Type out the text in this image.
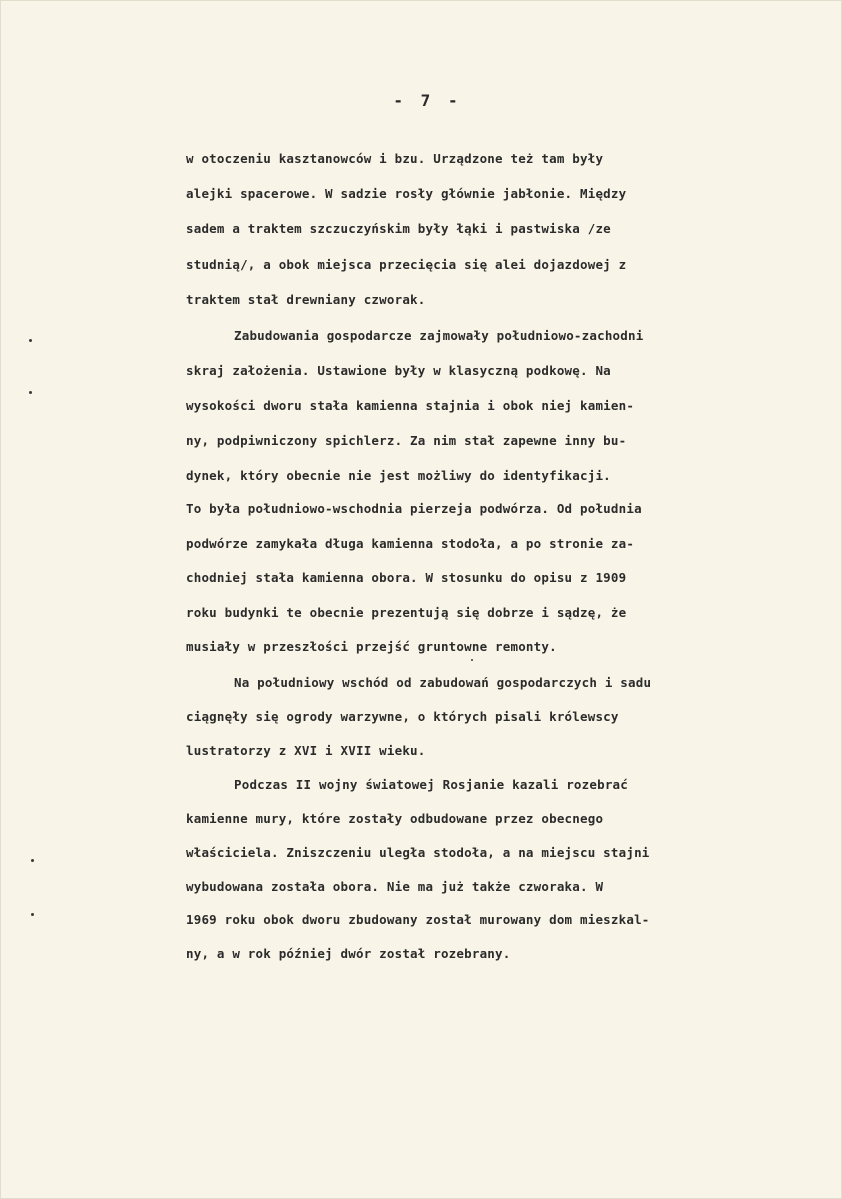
- 7 -
w otoczeniu kasztanowców i bzu. Urządzone też tam były
alejki spacerowe. W sadzie rosły głównie jabłonie. Między
sadem a traktem szczuczyńskim były łąki i pastwiska /ze
studnią/, a obok miejsca przecięcia się alei dojazdowej z
traktem stał drewniany czworak.
Zabudowania gospodarcze zajmowały południowo-zachodni
skraj założenia. Ustawione były w klasyczną podkowę. Na
wysokości dworu stała kamienna stajnia i obok niej kamien-
ny, podpiwniczony spichlerz. Za nim stał zapewne inny bu-
dynek, który obecnie nie jest możliwy do identyfikacji.
To była południowo-wschodnia pierzeja podwórza. Od południa
podwórze zamykała długa kamienna stodoła, a po stronie za-
chodniej stała kamienna obora. W stosunku do opisu z 1909
roku budynki te obecnie prezentują się dobrze i sądzę, że
musiały w przeszłości przejść gruntowne remonty.
Na południowy wschód od zabudowań gospodarczych i sadu
ciągnęły się ogrody warzywne, o których pisali królewscy
lustratorzy z XVI i XVII wieku.
Podczas II wojny światowej Rosjanie kazali rozebrać
kamienne mury, które zostały odbudowane przez obecnego
właściciela. Zniszczeniu uległa stodoła, a na miejscu stajni
wybudowana została obora. Nie ma już także czworaka. W
1969 roku obok dworu zbudowany został murowany dom mieszkal-
ny, a w rok później dwór został rozebrany.
